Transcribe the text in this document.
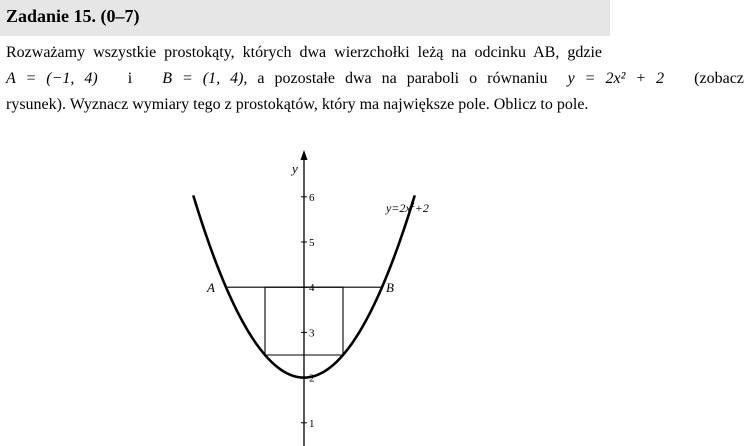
Zadanie 15. (0–7)
Rozważamy wszystkie prostokąty, których dwa wierzchołki leżą na odcinku AB, gdzie
A = (−1, 4) i B = (1, 4), a pozostałe dwa na paraboli o równaniu y = 2x² + 2 (zobacz
rysunek). Wyznacz wymiary tego z prostokątów, który ma największe pole. Oblicz to pole.
y
1
2
3
4
5
6
A	B
$y=2x^2+2$
